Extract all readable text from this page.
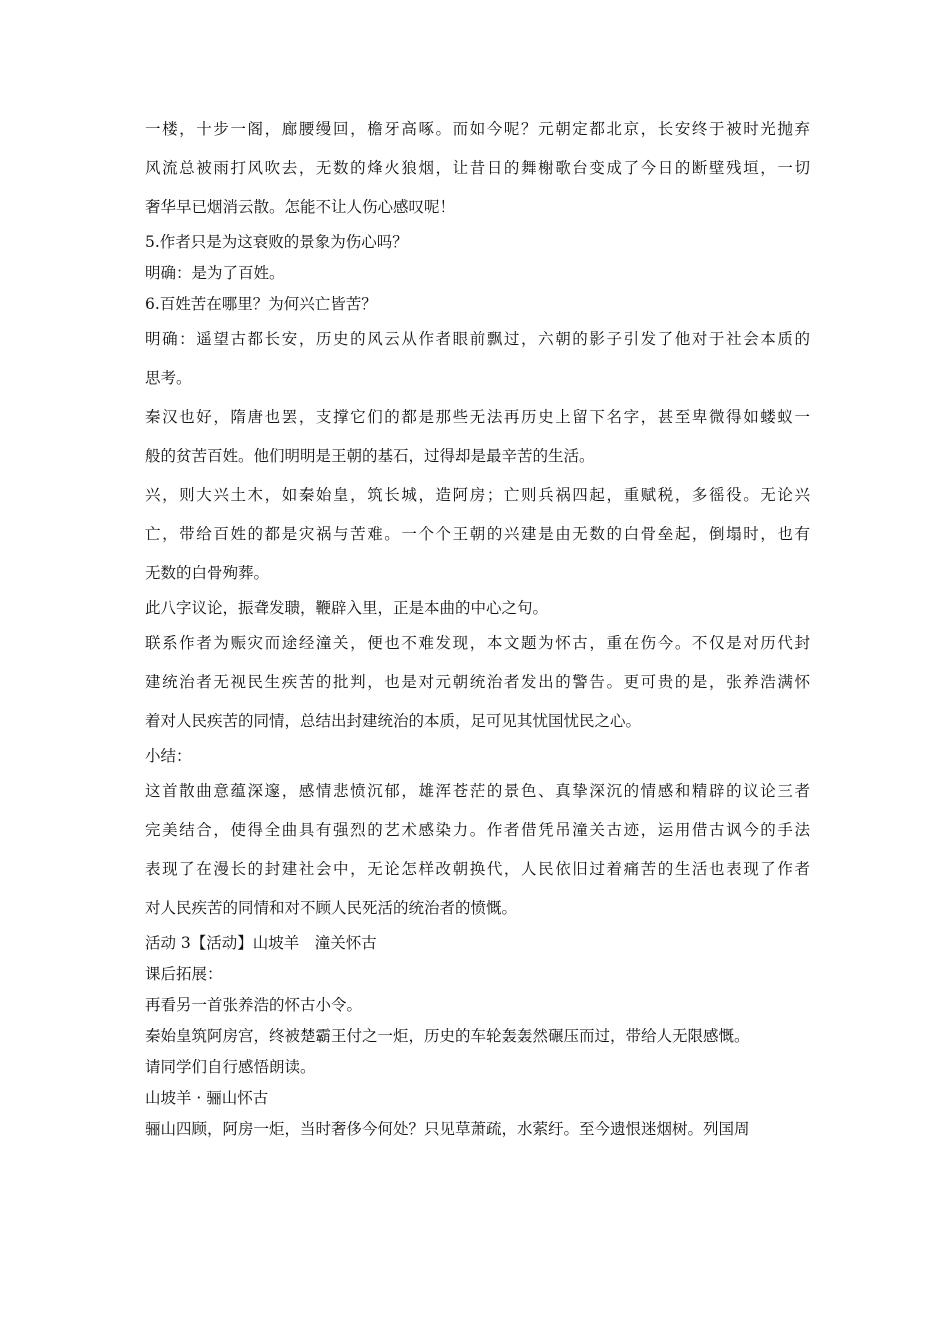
一楼，十步一阁，廊腰缦回，檐牙高啄。而如今呢？元朝定都北京，长安终于被时光抛弃
风流总被雨打风吹去，无数的烽火狼烟，让昔日的舞榭歌台变成了今日的断壁残垣，一切
奢华早已烟消云散。怎能不让人伤心感叹呢！
5.作者只是为这衰败的景象为伤心吗？
明确：是为了百姓。
6.百姓苦在哪里？为何兴亡皆苦？
明确：遥望古都长安，历史的风云从作者眼前飘过，六朝的影子引发了他对于社会本质的
思考。
秦汉也好，隋唐也罢，支撑它们的都是那些无法再历史上留下名字，甚至卑微得如蝼蚁一
般的贫苦百姓。他们明明是王朝的基石，过得却是最辛苦的生活。
兴，则大兴土木，如秦始皇，筑长城，造阿房；亡则兵祸四起，重赋税，多徭役。无论兴
亡，带给百姓的都是灾祸与苦难。一个个王朝的兴建是由无数的白骨垒起，倒塌时，也有
无数的白骨殉葬。
此八字议论，振聋发聩，鞭辟入里，正是本曲的中心之句。
联系作者为赈灾而途经潼关，便也不难发现，本文题为怀古，重在伤今。不仅是对历代封
建统治者无视民生疾苦的批判，也是对元朝统治者发出的警告。更可贵的是，张养浩满怀
着对人民疾苦的同情，总结出封建统治的本质，足可见其忧国忧民之心。
小结：
这首散曲意蕴深邃，感情悲愤沉郁，雄浑苍茫的景色、真挚深沉的情感和精辟的议论三者
完美结合，使得全曲具有强烈的艺术感染力。作者借凭吊潼关古迹，运用借古讽今的手法
表现了在漫长的封建社会中，无论怎样改朝换代，人民依旧过着痛苦的生活也表现了作者
对人民疾苦的同情和对不顾人民死活的统治者的愤慨。
活动 3【活动】山坡羊　潼关怀古
课后拓展：
再看另一首张养浩的怀古小令。
秦始皇筑阿房宫，终被楚霸王付之一炬，历史的车轮轰轰然碾压而过，带给人无限感慨。
请同学们自行感悟朗读。
山坡羊 · 骊山怀古
骊山四顾，阿房一炬，当时奢侈今何处？只见草萧疏，水萦纡。至今遗恨迷烟树。列国周
